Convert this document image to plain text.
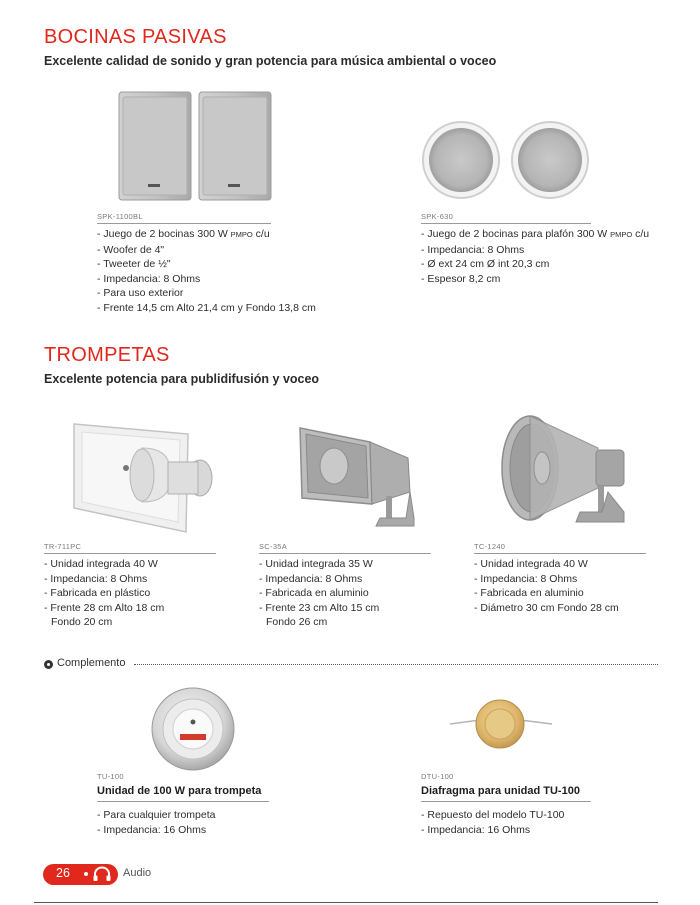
BOCINAS PASIVAS
Excelente calidad de sonido y gran potencia para música ambiental o voceo
SPK-1100BL
- Juego de 2 bocinas 300 W PMPO c/u
- Woofer de 4"
- Tweeter de ½"
- Impedancia: 8 Ohms
- Para uso exterior
- Frente 14,5 cm Alto 21,4 cm y Fondo 13,8 cm
SPK-630
- Juego de 2 bocinas para plafón 300 W PMPO c/u
- Impedancia: 8 Ohms
- Ø ext 24 cm Ø int 20,3 cm
- Espesor 8,2 cm
TROMPETAS
Excelente potencia para publidifusión y voceo
TR-711PC
- Unidad integrada 40 W
- Impedancia: 8 Ohms
- Fabricada en plástico
- Frente 28 cm Alto 18 cm
Fondo 20 cm
SC-35A
- Unidad integrada 35 W
- Impedancia: 8 Ohms
- Fabricada en aluminio
- Frente 23 cm Alto 15 cm
Fondo 26 cm
TC-1240
- Unidad integrada 40 W
- Impedancia: 8 Ohms
- Fabricada en aluminio
- Diámetro 30 cm Fondo 28 cm
Complemento
TU-100
Unidad de 100 W para trompeta
- Para cualquier trompeta
- Impedancia: 16 Ohms
DTU-100
Diafragma para unidad TU-100
- Repuesto del modelo TU-100
- Impedancia: 16 Ohms
26	Audio
